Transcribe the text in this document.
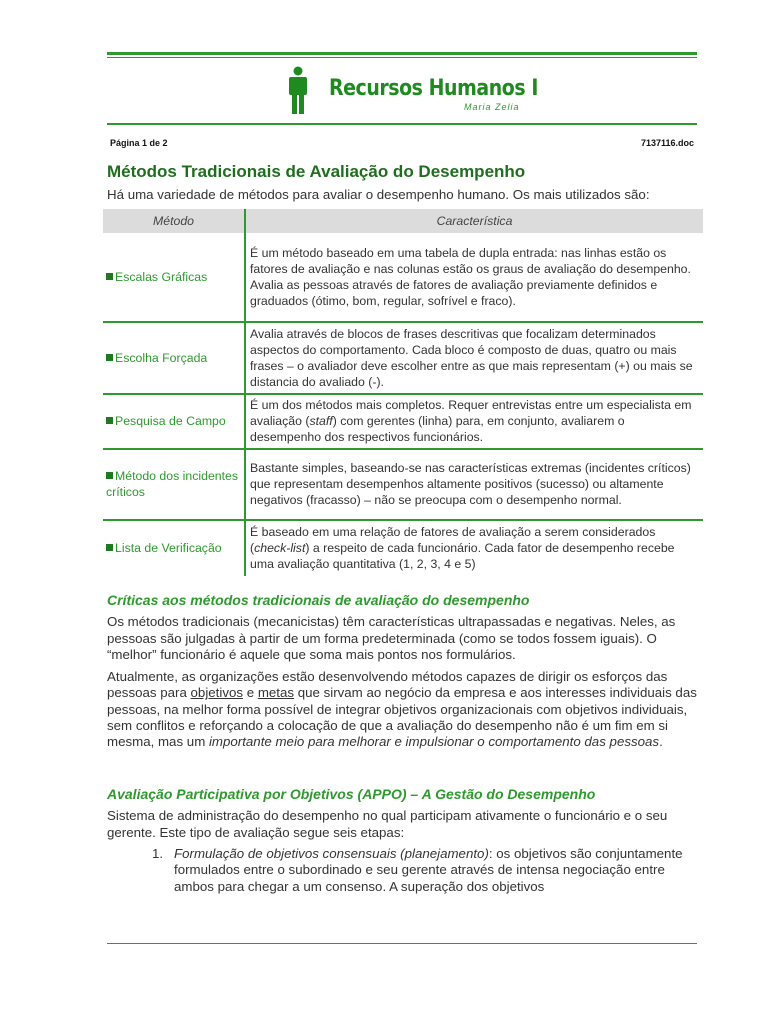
Recursos Humanos I
Maria Zelia
Página 1 de 2	7137116.doc
Métodos Tradicionais de Avaliação do Desempenho

Há uma variedade de métodos para avaliar o desempenho humano. Os mais utilizados são:

Método	Característica
Escalas Gráficas	É um método baseado em uma tabela de dupla entrada: nas linhas estão os fatores de avaliação e nas colunas estão os graus de avaliação do desempenho. Avalia as pessoas através de fatores de avaliação previamente definidos e graduados (ótimo, bom, regular, sofrível e fraco).
Escolha Forçada	Avalia através de blocos de frases descritivas que focalizam determinados aspectos do comportamento. Cada bloco é composto de duas, quatro ou mais frases – o avaliador deve escolher entre as que mais representam (+) ou mais se distancia do avaliado (-).
Pesquisa de Campo	É um dos métodos mais completos. Requer entrevistas entre um especialista em avaliação (staff) com gerentes (linha) para, em conjunto, avaliarem o desempenho dos respectivos funcionários.
Método dos incidentes críticos	Bastante simples, baseando-se nas características extremas (incidentes críticos) que representam desempenhos altamente positivos (sucesso) ou altamente negativos (fracasso) – não se preocupa com o desempenho normal.
Lista de Verificação	É baseado em uma relação de fatores de avaliação a serem considerados (check-list) a respeito de cada funcionário. Cada fator de desempenho recebe uma avaliação quantitativa (1, 2, 3, 4 e 5)
Críticas aos métodos tradicionais de avaliação do desempenho

Os métodos tradicionais (mecanicistas) têm características ultrapassadas e negativas. Neles, as pessoas são julgadas à partir de um forma predeterminada (como se todos fossem iguais). O “melhor” funcionário é aquele que soma mais pontos nos formulários.

Atualmente, as organizações estão desenvolvendo métodos capazes de dirigir os esforços das pessoas para objetivos e metas que sirvam ao negócio da empresa e aos interesses individuais das pessoas, na melhor forma possível de integrar objetivos organizacionais com objetivos individuais, sem conflitos e reforçando a colocação de que a avaliação do desempenho não é um fim em si mesma, mas um importante meio para melhorar e impulsionar o comportamento das pessoas.

Avaliação Participativa por Objetivos (APPO) – A Gestão do Desempenho

Sistema de administração do desempenho no qual participam ativamente o funcionário e o seu gerente. Este tipo de avaliação segue seis etapas:

1. Formulação de objetivos consensuais (planejamento): os objetivos são conjuntamente formulados entre o subordinado e seu gerente através de intensa negociação entre ambos para chegar a um consenso. A superação dos objetivos
